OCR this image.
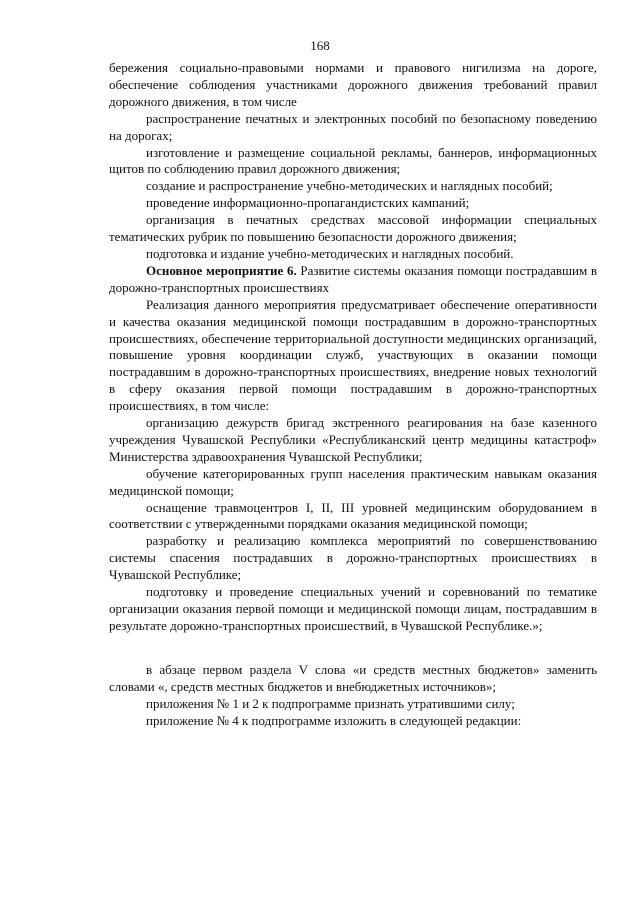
168

бережения социально-правовыми нормами и правового нигилизма на дороге, обеспечение соблюдения участниками дорожного движения требований правил дорожного движения, в том числе

распространение печатных и электронных пособий по безопасному поведению на дорогах;

изготовление и размещение социальной рекламы, баннеров, информационных щитов по соблюдению правил дорожного движения;

создание и распространение учебно-методических и наглядных пособий;

проведение информационно-пропагандистских кампаний;

организация в печатных средствах массовой информации специальных тематических рубрик по повышению безопасности дорожного движения;

подготовка и издание учебно-методических и наглядных пособий.

Основное мероприятие 6. Развитие системы оказания помощи пострадавшим в дорожно-транспортных происшествиях

Реализация данного мероприятия предусматривает обеспечение оперативности и качества оказания медицинской помощи пострадавшим в дорожно-транспортных происшествиях, обеспечение территориальной доступности медицинских организаций, повышение уровня координации служб, участвующих в оказании помощи пострадавшим в дорожно-транспортных происшествиях, внедрение новых технологий в сферу оказания первой помощи пострадавшим в дорожно-транспортных происшествиях, в том числе:

организацию дежурств бригад экстренного реагирования на базе казенного учреждения Чувашской Республики «Республиканский центр медицины катастроф» Министерства здравоохранения Чувашской Республики;

обучение категорированных групп населения практическим навыкам оказания медицинской помощи;

оснащение травмоцентров I, II, III уровней медицинским оборудованием в соответствии с утвержденными порядками оказания медицинской помощи;

разработку и реализацию комплекса мероприятий по совершенствованию системы спасения пострадавших в дорожно-транспортных происшествиях в Чувашской Республике;

подготовку и проведение специальных учений и соревнований по тематике организации оказания первой помощи и медицинской помощи лицам, пострадавшим в результате дорожно-транспортных происшествий, в Чувашской Республике.»;

в абзаце первом раздела V слова «и средств местных бюджетов» заменить словами «, средств местных бюджетов и внебюджетных источников»;

приложения № 1 и 2 к подпрограмме признать утратившими силу;

приложение № 4 к подпрограмме изложить в следующей редакции:
